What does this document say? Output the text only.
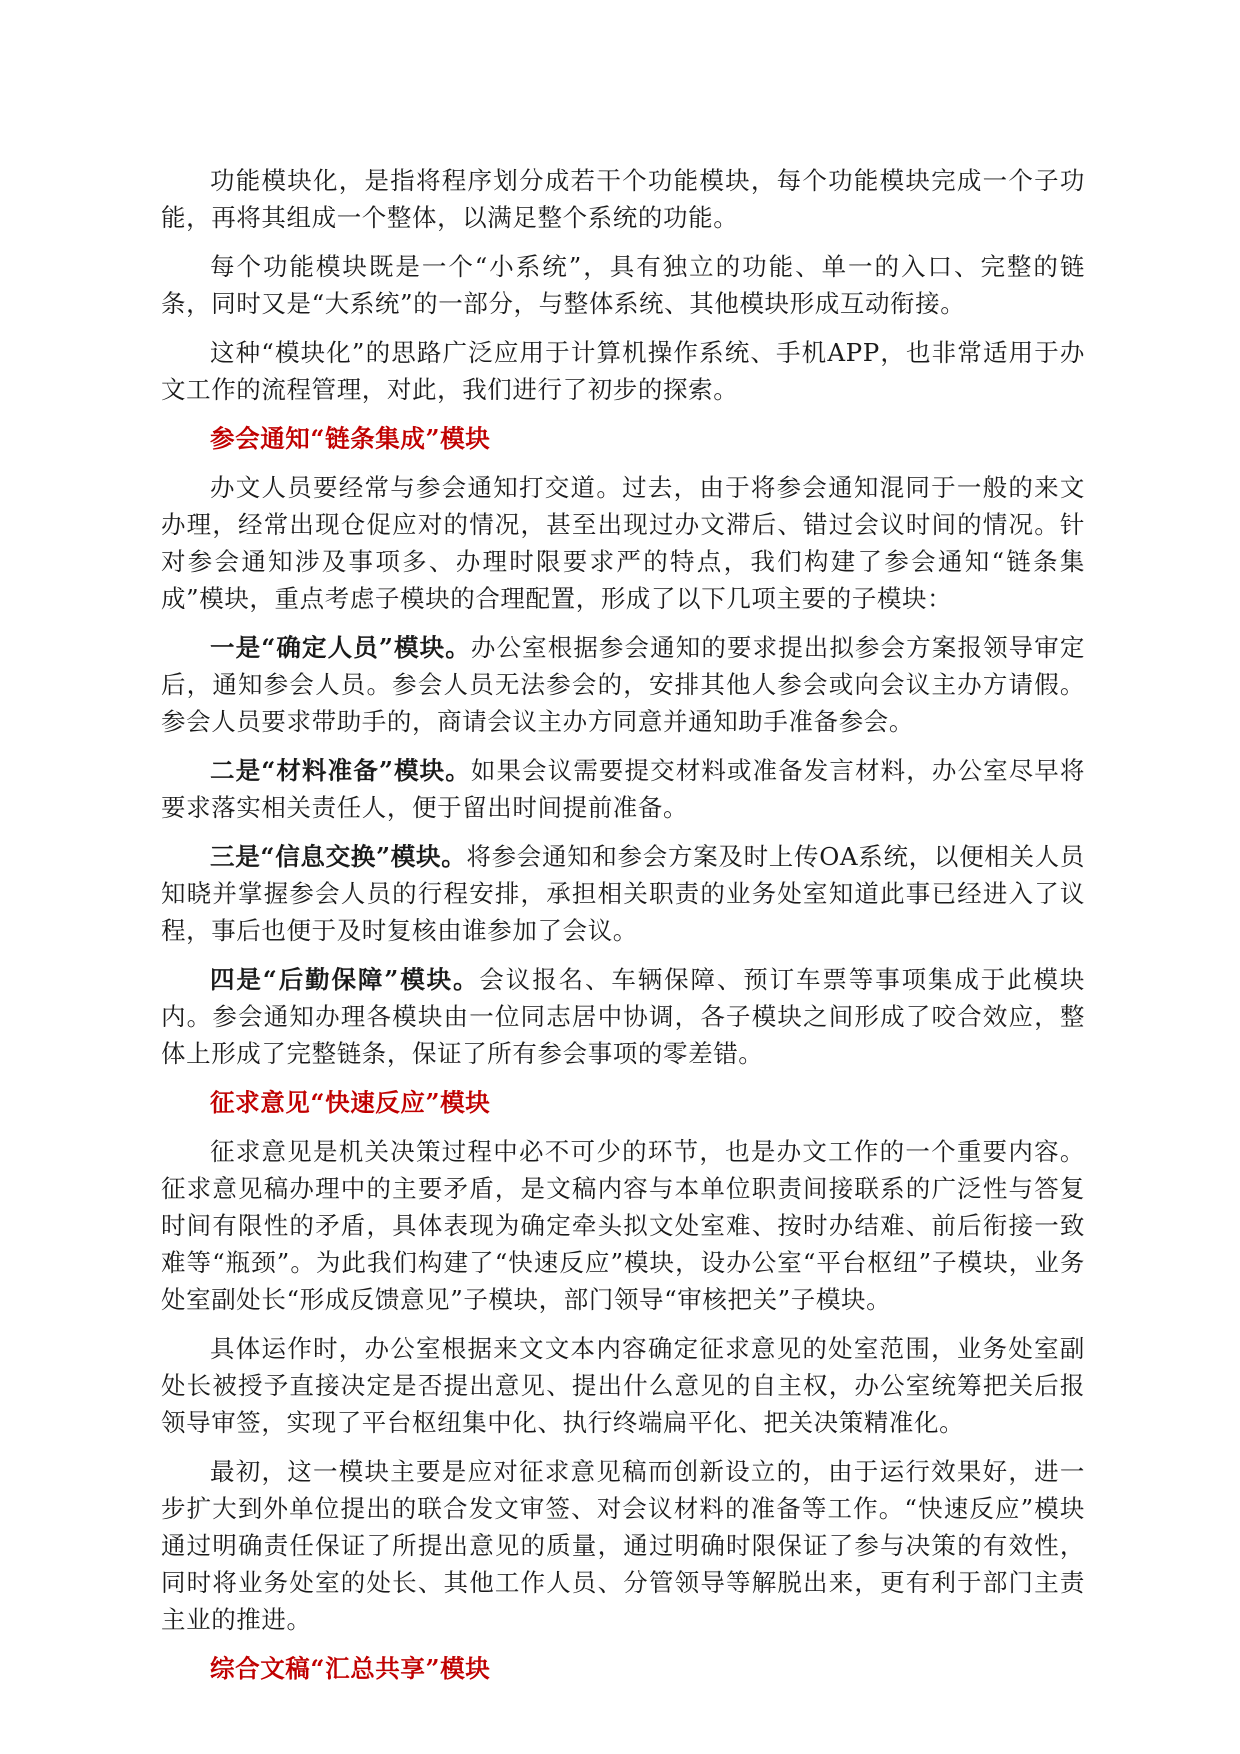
功能模块化，是指将程序划分成若干个功能模块，每个功能模块完成一个子功能，再将其组成一个整体，以满足整个系统的功能。

每个功能模块既是一个“小系统”，具有独立的功能、单一的入口、完整的链条，同时又是“大系统”的一部分，与整体系统、其他模块形成互动衔接。

这种“模块化”的思路广泛应用于计算机操作系统、手机APP，也非常适用于办文工作的流程管理，对此，我们进行了初步的探索。

参会通知“链条集成”模块

办文人员要经常与参会通知打交道。过去，由于将参会通知混同于一般的来文办理，经常出现仓促应对的情况，甚至出现过办文滞后、错过会议时间的情况。针对参会通知涉及事项多、办理时限要求严的特点，我们构建了参会通知“链条集成”模块，重点考虑子模块的合理配置，形成了以下几项主要的子模块：

一是“确定人员”模块。办公室根据参会通知的要求提出拟参会方案报领导审定后，通知参会人员。参会人员无法参会的，安排其他人参会或向会议主办方请假。参会人员要求带助手的，商请会议主办方同意并通知助手准备参会。

二是“材料准备”模块。如果会议需要提交材料或准备发言材料，办公室尽早将要求落实相关责任人，便于留出时间提前准备。

三是“信息交换”模块。将参会通知和参会方案及时上传OA系统，以便相关人员知晓并掌握参会人员的行程安排，承担相关职责的业务处室知道此事已经进入了议程，事后也便于及时复核由谁参加了会议。

四是“后勤保障”模块。会议报名、车辆保障、预订车票等事项集成于此模块内。参会通知办理各模块由一位同志居中协调，各子模块之间形成了咬合效应，整体上形成了完整链条，保证了所有参会事项的零差错。

征求意见“快速反应”模块

征求意见是机关决策过程中必不可少的环节，也是办文工作的一个重要内容。征求意见稿办理中的主要矛盾，是文稿内容与本单位职责间接联系的广泛性与答复时间有限性的矛盾，具体表现为确定牵头拟文处室难、按时办结难、前后衔接一致难等“瓶颈”。为此我们构建了“快速反应”模块，设办公室“平台枢纽”子模块，业务处室副处长“形成反馈意见”子模块，部门领导“审核把关”子模块。

具体运作时，办公室根据来文文本内容确定征求意见的处室范围，业务处室副处长被授予直接决定是否提出意见、提出什么意见的自主权，办公室统筹把关后报领导审签，实现了平台枢纽集中化、执行终端扁平化、把关决策精准化。

最初，这一模块主要是应对征求意见稿而创新设立的，由于运行效果好，进一步扩大到外单位提出的联合发文审签、对会议材料的准备等工作。“快速反应”模块通过明确责任保证了所提出意见的质量，通过明确时限保证了参与决策的有效性，同时将业务处室的处长、其他工作人员、分管领导等解脱出来，更有利于部门主责主业的推进。

综合文稿“汇总共享”模块
